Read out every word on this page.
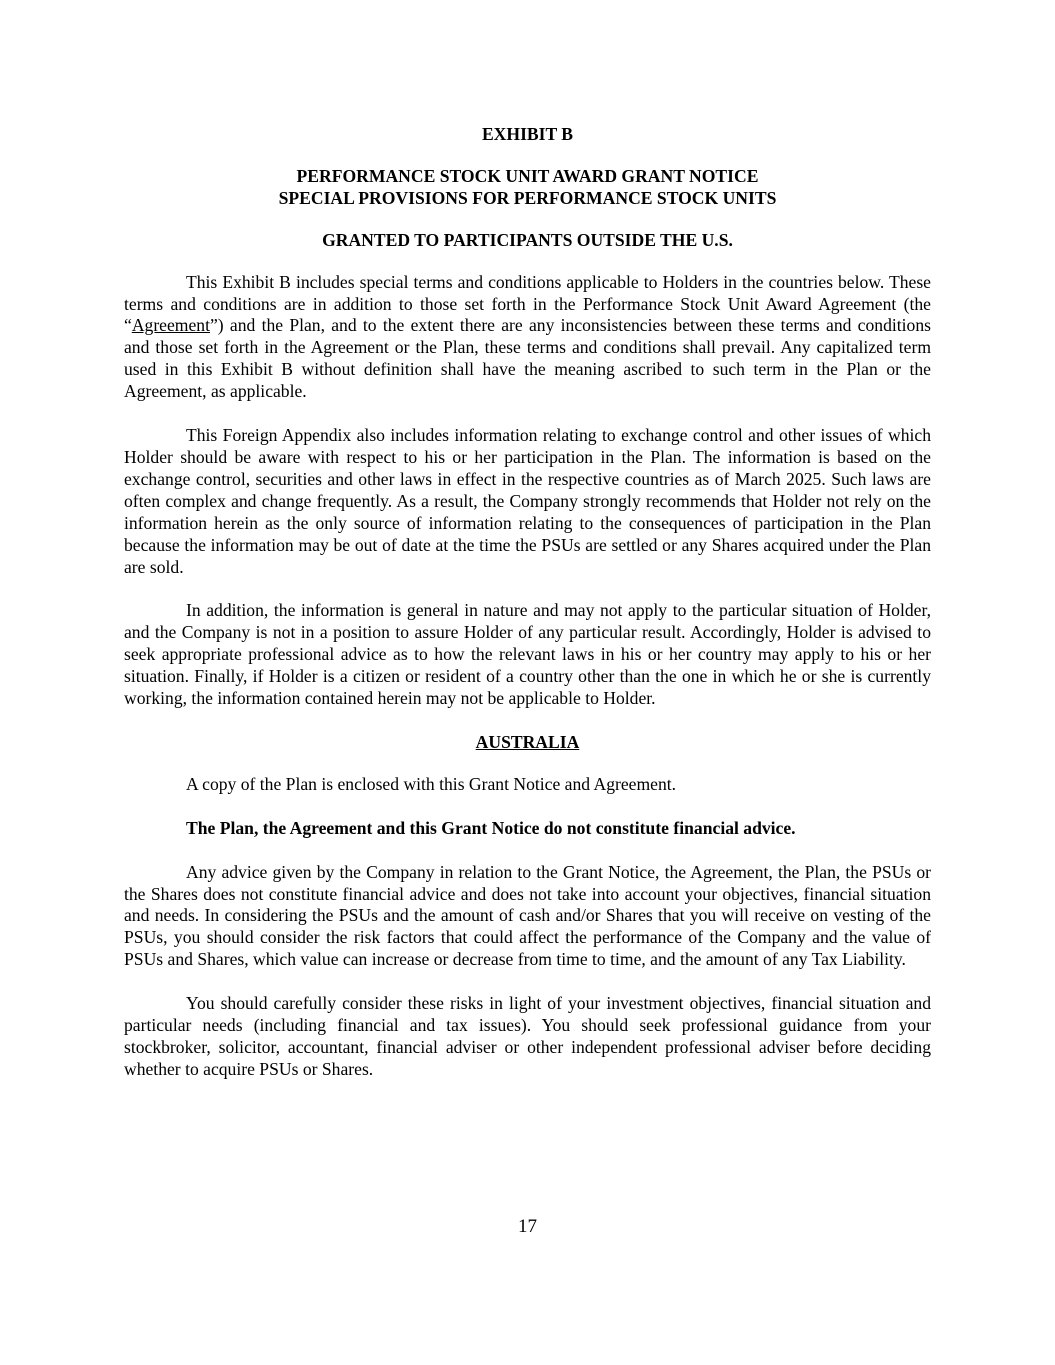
EXHIBIT B

PERFORMANCE STOCK UNIT AWARD GRANT NOTICE

SPECIAL PROVISIONS FOR PERFORMANCE STOCK UNITS

GRANTED TO PARTICIPANTS OUTSIDE THE U.S.

This Exhibit B includes special terms and conditions applicable to Holders in the countries below. These terms and conditions are in addition to those set forth in the Performance Stock Unit Award Agreement (the “Agreement”) and the Plan, and to the extent there are any inconsistencies between these terms and conditions and those set forth in the Agreement or the Plan, these terms and conditions shall prevail. Any capitalized term used in this Exhibit B without definition shall have the meaning ascribed to such term in the Plan or the Agreement, as applicable.

This Foreign Appendix also includes information relating to exchange control and other issues of which Holder should be aware with respect to his or her participation in the Plan. The information is based on the exchange control, securities and other laws in effect in the respective countries as of March 2025. Such laws are often complex and change frequently. As a result, the Company strongly recommends that Holder not rely on the information herein as the only source of information relating to the consequences of participation in the Plan because the information may be out of date at the time the PSUs are settled or any Shares acquired under the Plan are sold.

In addition, the information is general in nature and may not apply to the particular situation of Holder, and the Company is not in a position to assure Holder of any particular result. Accordingly, Holder is advised to seek appropriate professional advice as to how the relevant laws in his or her country may apply to his or her situation. Finally, if Holder is a citizen or resident of a country other than the one in which he or she is currently working, the information contained herein may not be applicable to Holder.

AUSTRALIA

A copy of the Plan is enclosed with this Grant Notice and Agreement.

The Plan, the Agreement and this Grant Notice do not constitute financial advice.

Any advice given by the Company in relation to the Grant Notice, the Agreement, the Plan, the PSUs or the Shares does not constitute financial advice and does not take into account your objectives, financial situation and needs. In considering the PSUs and the amount of cash and/or Shares that you will receive on vesting of the PSUs, you should consider the risk factors that could affect the performance of the Company and the value of PSUs and Shares, which value can increase or decrease from time to time, and the amount of any Tax Liability.

You should carefully consider these risks in light of your investment objectives, financial situation and particular needs (including financial and tax issues). You should seek professional guidance from your stockbroker, solicitor, accountant, financial adviser or other independent professional adviser before deciding whether to acquire PSUs or Shares.

17
